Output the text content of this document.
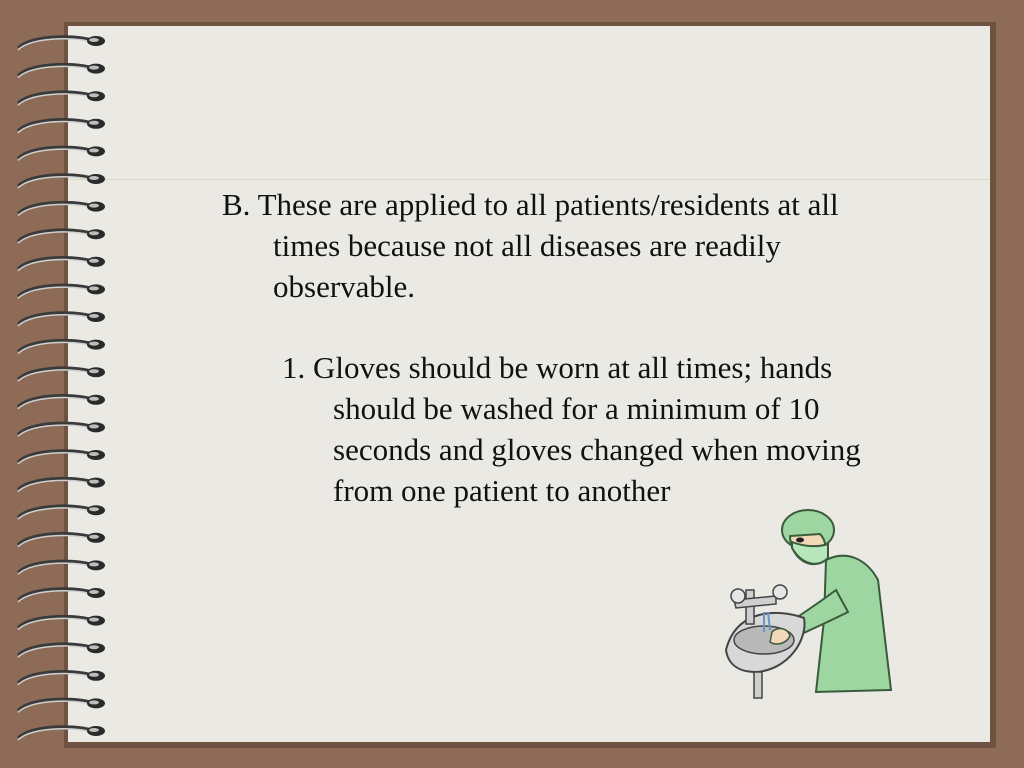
B. These are applied to all patients/residents at all
times because not all diseases are readily
observable.
1. Gloves should be worn at all times; hands
should be washed for a minimum of 10
seconds and gloves changed when moving
from one patient to another
